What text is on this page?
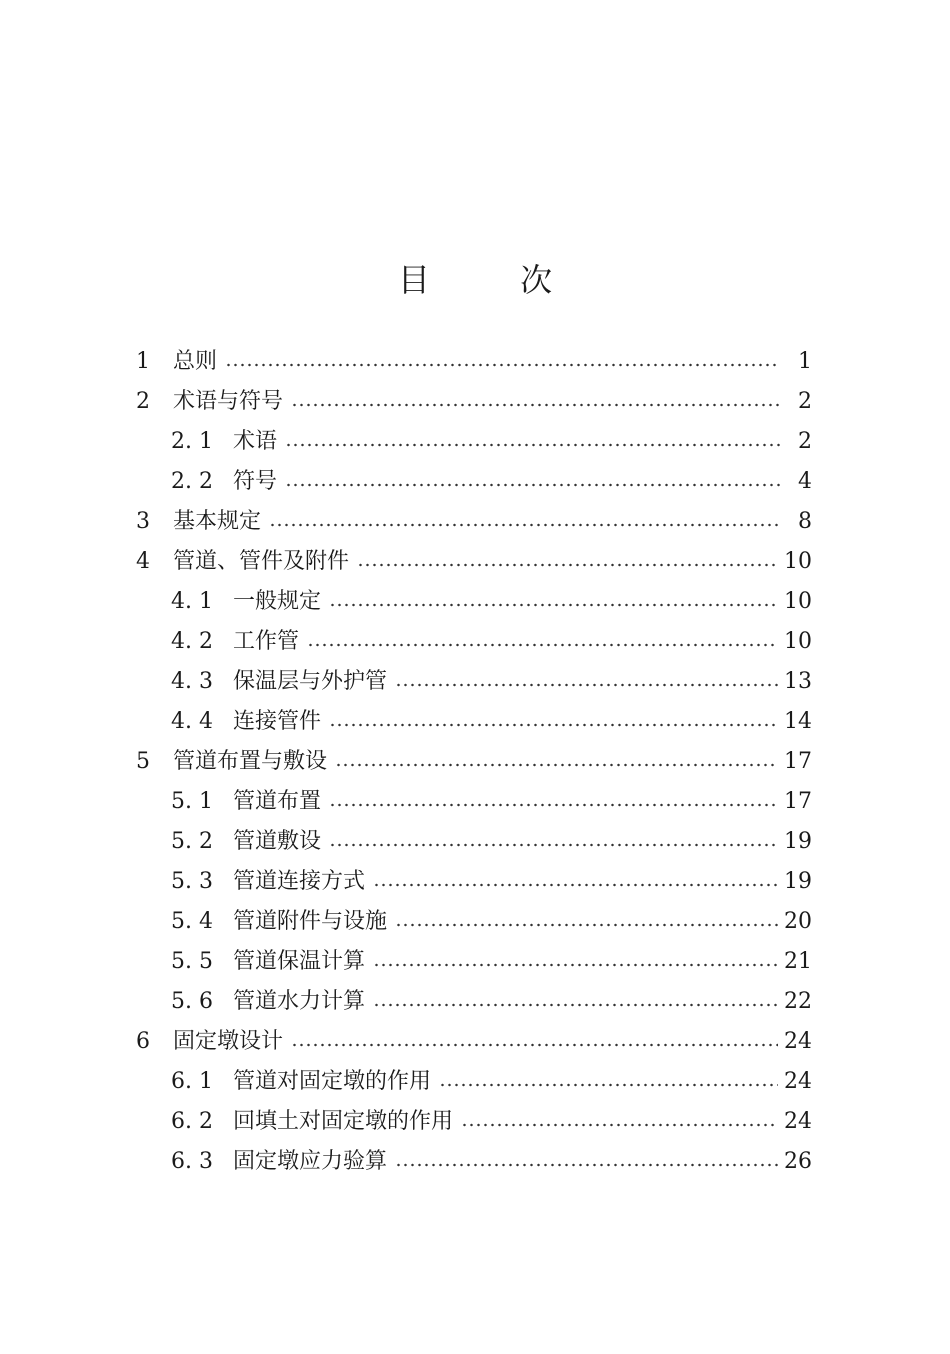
目	次
1	总则	1
2	术语与符号	2
2. 1 术语	2
2. 2 符号	4
3	基本规定	8
4	管道、管件及附件	10
4. 1 一般规定	10
4. 2 工作管	10
4. 3 保温层与外护管	13
4. 4 连接管件	14
5	管道布置与敷设	17
5. 1 管道布置	17
5. 2 管道敷设	19
5. 3 管道连接方式	19
5. 4 管道附件与设施	20
5. 5 管道保温计算	21
5. 6 管道水力计算	22
6	固定墩设计	24
6. 1 管道对固定墩的作用	24
6. 2 回填土对固定墩的作用	24
6. 3 固定墩应力验算	26
